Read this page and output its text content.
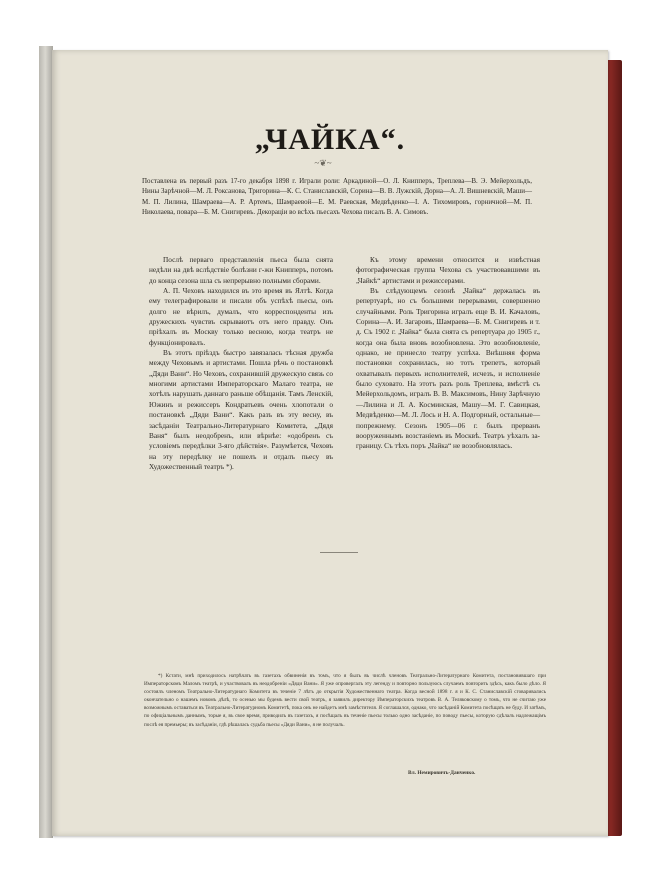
„ЧАЙКА“.
~❦~
Поставлена въ первый разъ 17-го декабря 1898 г. Играли роли: Аркадиной—О. Л. Книпперъ, Треплева—В. Э. Мейерхольдъ, Нины Зарѣчной—М. Л. Роксанова, Тригорина—К. С. Станиславскiй, Сорина—В. В. Лужскiй, Дорна—А. Л. Вишневскiй, Маши—М. П. Лилина, Шамраева—А. Р. Артемъ, Шамраевой—Е. М. Раевская, Медвѣденко—I. А. Тихомировъ, горничной—М. П. Николаева, повара—Б. М. Снигиревъ. Декорацiи во всѣхъ пьесахъ Чехова писалъ В. А. Симовъ.

Послѣ перваго представленiя пьеса была снята недѣли на двѣ вслѣдствiе болѣзни г-жи Книпперъ, потомъ до конца сезона шла съ непрерывно полными сборами.

А. П. Чеховъ находился въ это время въ Ялтѣ. Когда ему телеграфировали и писали объ успѣхѣ пьесы, онъ долго не вѣрилъ, думалъ, что корреспонденты изъ дружескихъ чувствъ скрываютъ отъ него правду. Онъ прiѣхалъ въ Москву только весною, когда театръ не функцiонировалъ.

Въ этотъ прiѣздъ быстро завязалась тѣсная дружба между Чеховымъ и артистами. Пошла рѣчь о постановкѣ „Дяди Вани“. Но Чеховъ, сохранившiй дружескую связь со многими артистами Императорскаго Малаго театра, не хотѣлъ нарушать даннаго раньше обѣщанiя. Тамъ Ленскiй, Южинъ и режиссеръ Кондратьевъ очень хлопотали о постановкѣ „Дяди Вани“. Какъ разъ въ эту весну, въ засѣданiи Театрально-Литературнаго Комитета, „Дядя Ваня“ былъ неодобренъ, или вѣрнѣе: «одобренъ съ условiемъ передѣлки 3-яго дѣйствiя». Разумѣется, Чеховъ на эту передѣлку не пошелъ и отдалъ пьесу въ Художественный театръ *).

Къ этому времени относится и извѣстная фотографическая группа Чехова съ участвовавшими въ „Чайкѣ“ артистами и режиссерами.

Въ слѣдующемъ сезонѣ „Чайка“ держалась въ репертуарѣ, но съ большими перерывами, совершенно случайными. Роль Тригорина игралъ еще В. И. Качаловъ, Сорина—А. И. Загаровъ, Шамраева—Б. М. Снигиревъ и т. д. Съ 1902 г. „Чайка“ была снята съ репертуара до 1905 г., когда она была вновь возобновлена. Это возобновленiе, однако, не принесло театру успѣха. Внѣшняя форма постановки сохранилась, но тотъ трепетъ, который охватывалъ первыхъ исполнителей, исчезъ, и исполненiе было суховато. На этотъ разъ роль Треплева, вмѣстѣ съ Мейерхольдомъ, игралъ В. В. Максимовъ, Нину Зарѣчную—Лилина и Л. А. Косминская, Машу—М. Г. Савицкая, Медвѣденко—М. Л. Лось и Н. А. Подгорный, остальные—попрежнему. Сезонъ 1905—06 г. былъ прерванъ вооруженнымъ возстанiемъ въ Москвѣ. Театръ уѣхалъ за-границу. Съ тѣхъ поръ „Чайка“ не возобновлялась.

*) Кстати, мнѣ приходилось натрѣчать въ газетахъ обвиненiя въ томъ, что я былъ въ числѣ членовъ Театрально-Литературнаго Комитета, постановившаго при Императорскомъ Маломъ театрѣ, и участвовалъ въ неодобренiи «Дяди Вани». Я уже опровергалъ эту легенду и повторно пользуюсь случаемъ повторить здѣсь, какъ было дѣло. Я состоялъ членомъ Театрально-Литературнаго Комитета въ теченiе 7 лѣтъ до открытiя Художественнаго театра. Когда весной 1898 г. я и К. С. Станиславскiй сговаривались окончательно о нашемъ новомъ дѣлѣ, то осенью мы будемъ вести свой театръ, я заявилъ директору Императорскихъ театровъ В. А. Теляковскому о томъ, что не считаю уже возможнымъ оставаться въ Театрально-Литературномъ Комитетѣ, пока онъ не найдетъ мнѣ замѣстителя. Я соглашался, однако, что засѣданiй Комитета посѣщать не буду. И затѣмъ, по офицiальнымъ даннымъ, торые я, въ свое время, приводилъ въ газетахъ, я посѣщалъ въ теченiе пьесы только одно засѣданiе, по поводу пьесы, которую сдѣлалъ надлежащiмъ послѣ ея премьеры; въ засѣданiи, гдѣ рѣшалась судьба пьесы «Дяди Вани», я не получалъ.

Вл. Немировичъ-Данченко.
